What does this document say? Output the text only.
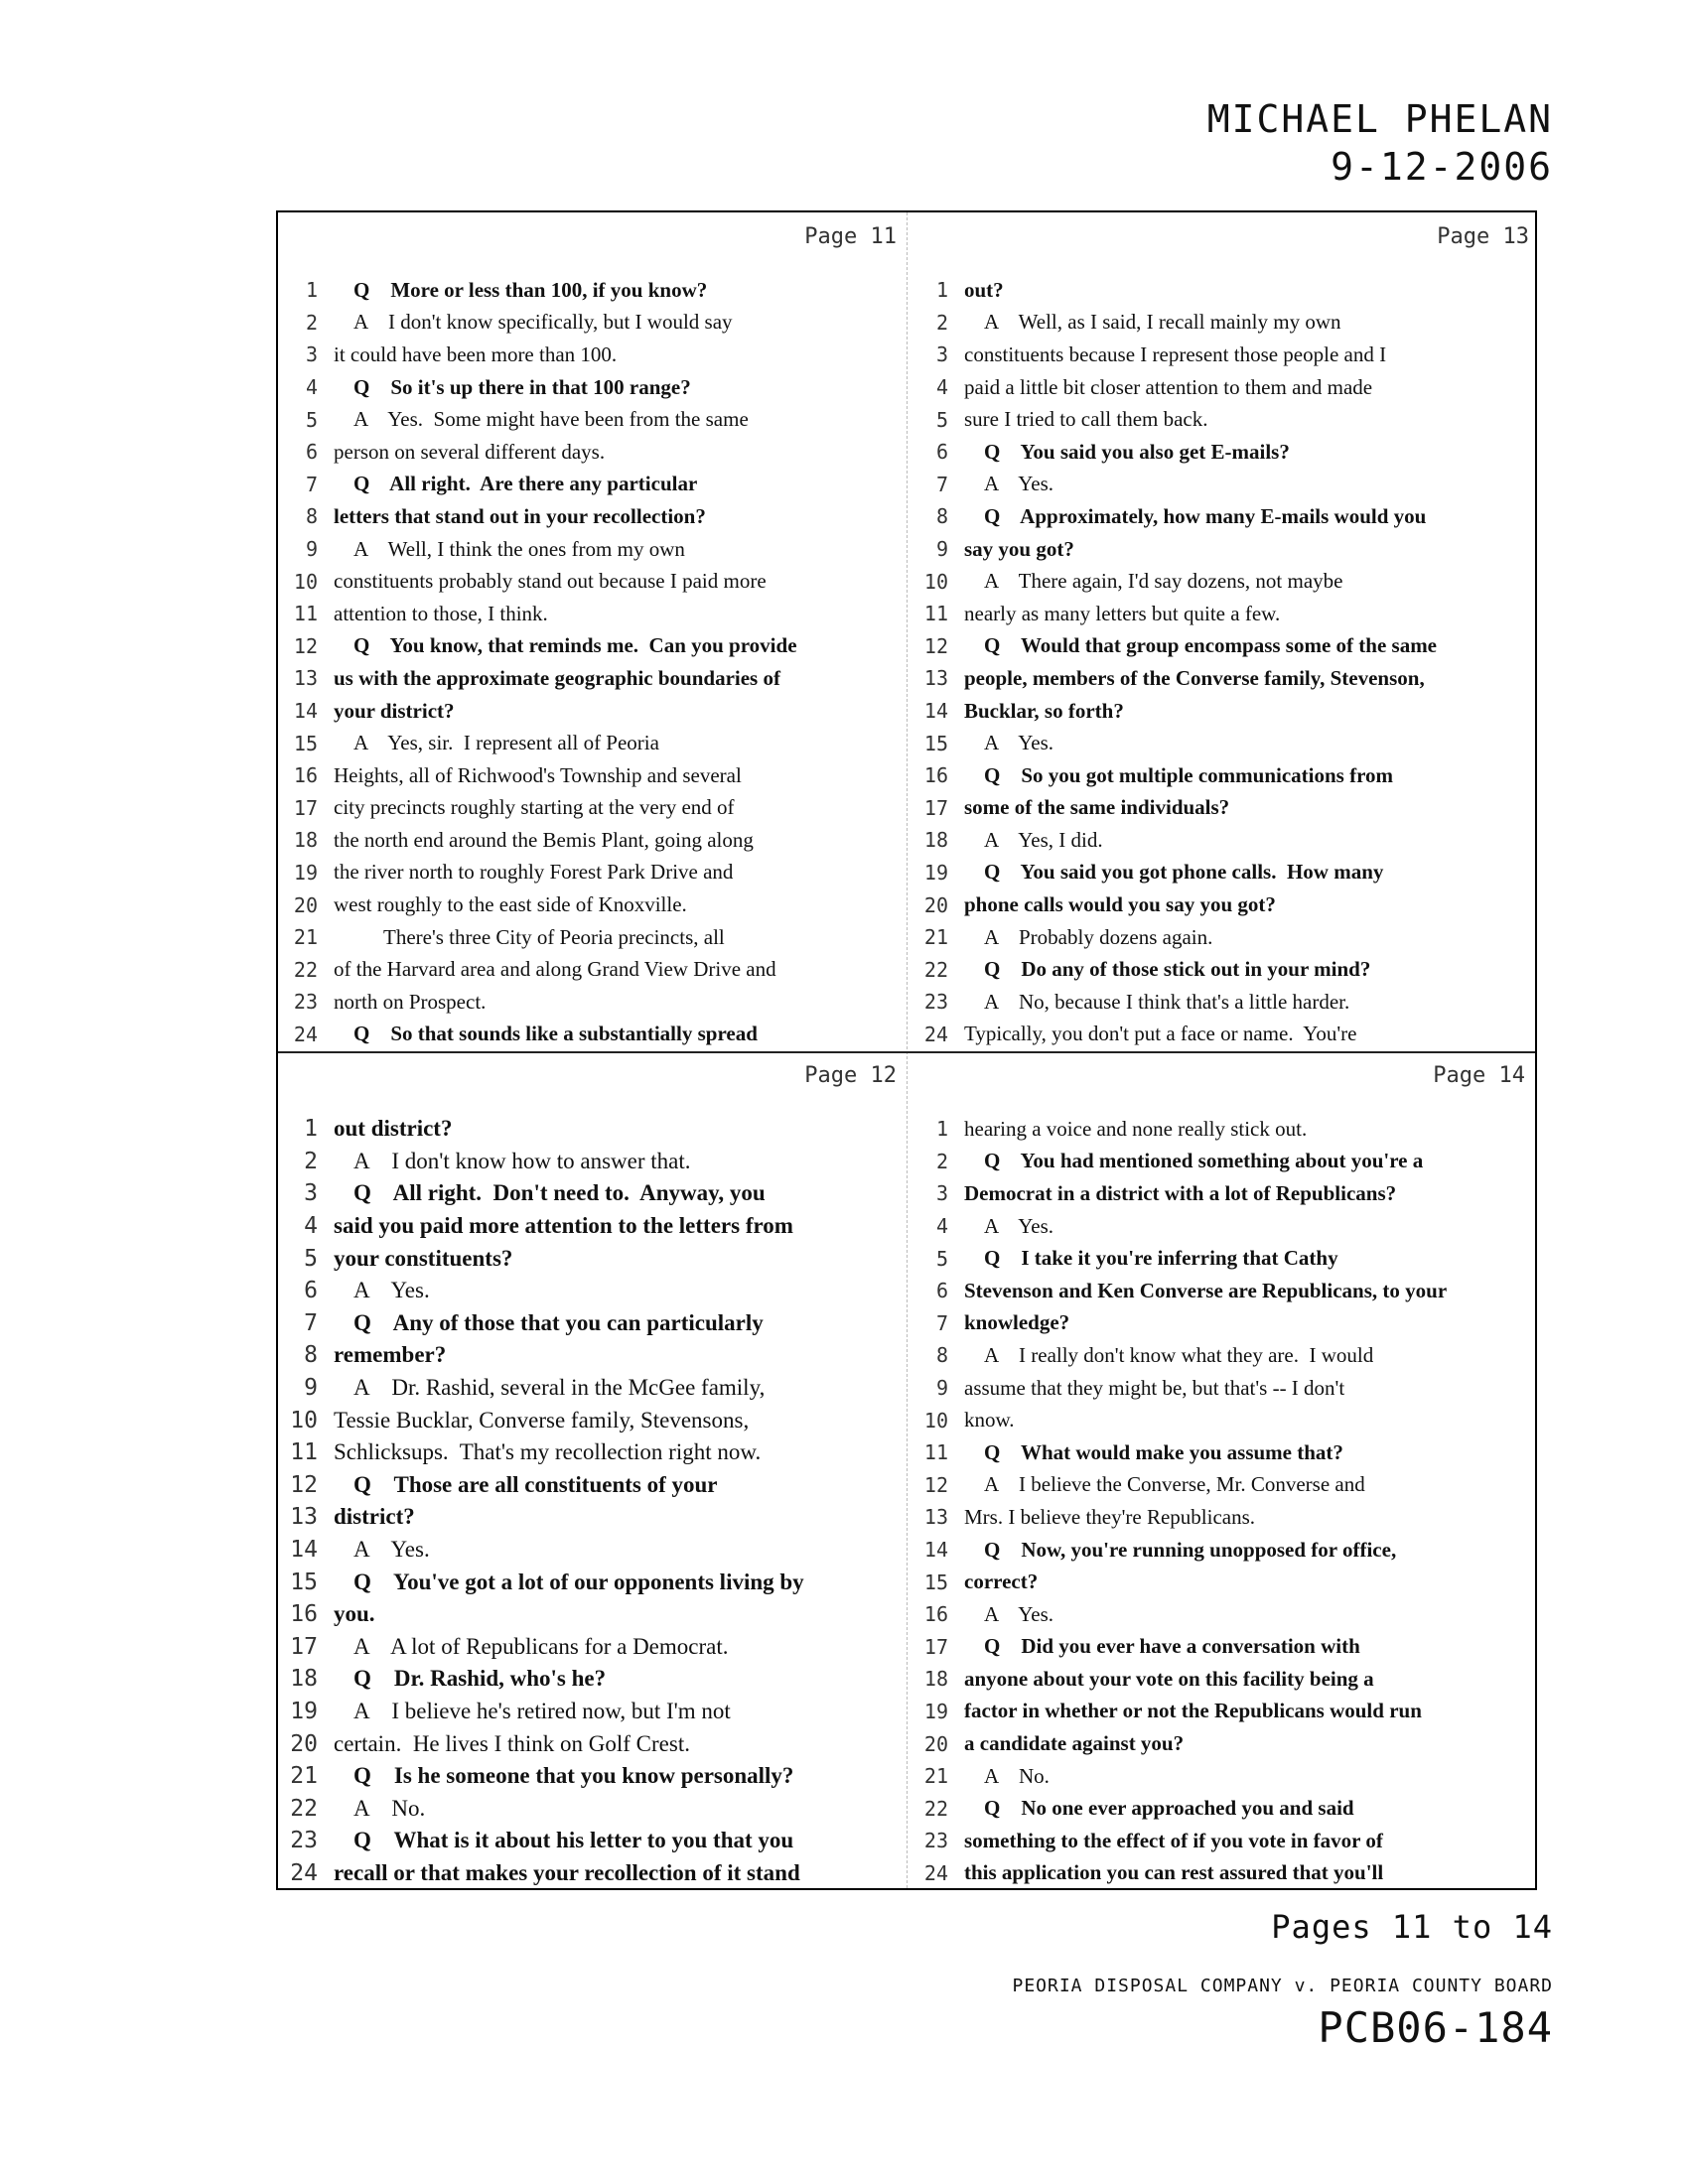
MICHAEL PHELAN
9-12-2006
Page 11
1	Q    More or less than 100, if you know?
2	A    I don't know specifically, but I would say
3 it could have been more than 100.
4	Q    So it's up there in that 100 range?
5	A    Yes.  Some might have been from the same
6 person on several different days.
7	Q    All right.  Are there any particular
8 letters that stand out in your recollection?
9	A    Well, I think the ones from my own
10 constituents probably stand out because I paid more
11 attention to those, I think.
12	Q    You know, that reminds me.  Can you provide
13 us with the approximate geographic boundaries of
14 your district?
15	A    Yes, sir.  I represent all of Peoria
16 Heights, all of Richwood's Township and several
17 city precincts roughly starting at the very end of
18 the north end around the Bemis Plant, going along
19 the river north to roughly Forest Park Drive and
20 west roughly to the east side of Knoxville.
21	There's three City of Peoria precincts, all
22 of the Harvard area and along Grand View Drive and
23 north on Prospect.
24	Q    So that sounds like a substantially spread
Page 13
1 out?
2	A    Well, as I said, I recall mainly my own
3 constituents because I represent those people and I
4 paid a little bit closer attention to them and made
5 sure I tried to call them back.
6	Q    You said you also get E-mails?
7	A    Yes.
8	Q    Approximately, how many E-mails would you
9 say you got?
10	A    There again, I'd say dozens, not maybe
11 nearly as many letters but quite a few.
12	Q    Would that group encompass some of the same
13 people, members of the Converse family, Stevenson,
14 Bucklar, so forth?
15	A    Yes.
16	Q    So you got multiple communications from
17 some of the same individuals?
18	A    Yes, I did.
19	Q    You said you got phone calls.  How many
20 phone calls would you say you got?
21	A    Probably dozens again.
22	Q    Do any of those stick out in your mind?
23	A    No, because I think that's a little harder.
24 Typically, you don't put a face or name.  You're
Page 12
1 out district?
2	A    I don't know how to answer that.
3	Q    All right.  Don't need to.  Anyway, you
4 said you paid more attention to the letters from
5 your constituents?
6	A    Yes.
7	Q    Any of those that you can particularly
8 remember?
9	A    Dr. Rashid, several in the McGee family,
10 Tessie Bucklar, Converse family, Stevensons,
11 Schlicksups.  That's my recollection right now.
12	Q    Those are all constituents of your
13 district?
14	A    Yes.
15	Q    You've got a lot of our opponents living by
16 you.
17	A    A lot of Republicans for a Democrat.
18	Q    Dr. Rashid, who's he?
19	A    I believe he's retired now, but I'm not
20 certain.  He lives I think on Golf Crest.
21	Q    Is he someone that you know personally?
22	A    No.
23	Q    What is it about his letter to you that you
24 recall or that makes your recollection of it stand
Page 14
1 hearing a voice and none really stick out.
2	Q    You had mentioned something about you're a
3 Democrat in a district with a lot of Republicans?
4	A    Yes.
5	Q    I take it you're inferring that Cathy
6 Stevenson and Ken Converse are Republicans, to your
7 knowledge?
8	A    I really don't know what they are.  I would
9 assume that they might be, but that's -- I don't
10 know.
11	Q    What would make you assume that?
12	A    I believe the Converse, Mr. Converse and
13 Mrs. I believe they're Republicans.
14	Q    Now, you're running unopposed for office,
15 correct?
16	A    Yes.
17	Q    Did you ever have a conversation with
18 anyone about your vote on this facility being a
19 factor in whether or not the Republicans would run
20 a candidate against you?
21	A    No.
22	Q    No one ever approached you and said
23 something to the effect of if you vote in favor of
24 this application you can rest assured that you'll
Pages 11 to 14
PEORIA DISPOSAL COMPANY v. PEORIA COUNTY BOARD
PCB06-184
